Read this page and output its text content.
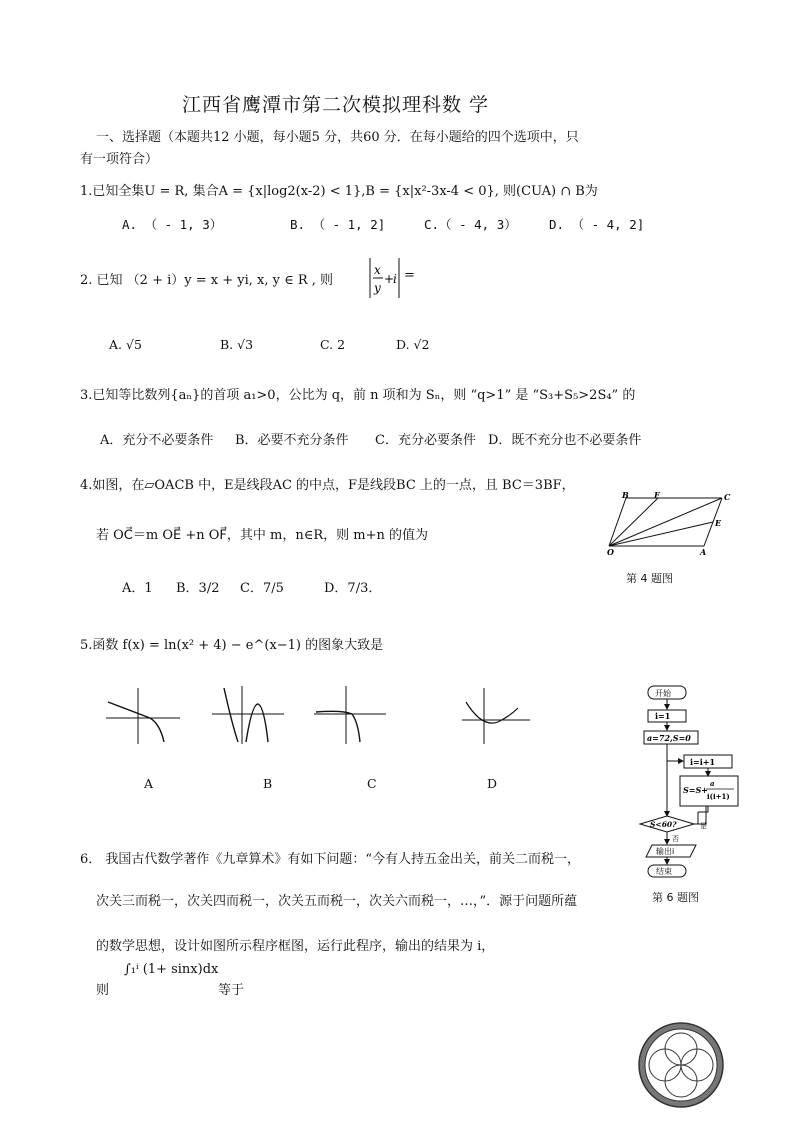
江西省鹰潭市第二次模拟理科数 学
一、选择题（本题共12 小题，每小题5 分，共60 分．在每小题给的四个选项中，只
有一项符合）
1.已知全集U = R, 集合A = {x|log2(x-2) < 1},B = {x|x²-3x-4 < 0}, 则(CUA) ∩ B为
A. （ - 1, 3）	B. （ - 1, 2]	C.（ - 4, 3）	D. （ - 4, 2]
2. 已知 （2 + i）y = x + yi, x, y ∈ R , 则
x
y
+
i =
A. √5	B. √3	C. 2	D. √2
3.已知等比数列{aₙ}的首项 a₁>0，公比为 q，前 n 项和为 Sₙ，则 “q>1” 是 “S₃+S₅>2S₄” 的
A．充分不必要条件 B．必要不充分条件 C．充分必要条件 D．既不充分也不必要条件
4.如图，在▱OACB 中，E是线段AC 的中点，F是线段BC 上的一点，且 BC＝3BF，
若 OC⃗＝m OE⃗ +n OF⃗，其中 m，n∈R，则 m+n 的值为
A．1 B．3/2 C．7/5	D．7/3．
B	F	C
E
O	A
第 4 题图
5.函数 f(x) = ln(x² + 4) − e^(x−1) 的图象大致是
A	B	C	D
6． 我国古代数学著作《九章算术》有如下问题：“今有人持五金出关，前关二而税一，
次关三而税一，次关四而税一，次关五而税一，次关六而税一，…，”．源于问题所蕴
的数学思想，设计如图所示程序框图，运行此程序，输出的结果为 i，
则
∫₁ⁱ (1+ sinx)dx
等于
开始
i=1
a=72,S=0
i=i+1
S=S+
a
i(i+1)
S<60?
否
是
输出i
结束
第 6 题图
